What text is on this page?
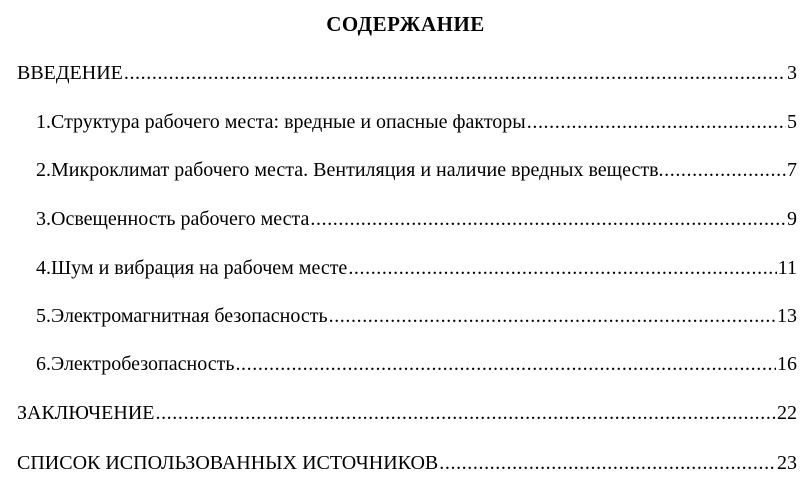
СОДЕРЖАНИЕ
ВВЕДЕНИЕ .....	3
1. Структура рабочего места: вредные и опасные факторы .....	5
2. Микроклимат рабочего места. Вентиляция и наличие вредных веществ .....	7
3. Освещенность рабочего места .....	9
4. Шум и вибрация на рабочем месте .....	11
5. Электромагнитная безопасность .....	13
6. Электробезопасность .....	16
ЗАКЛЮЧЕНИЕ .....	22
СПИСОК ИСПОЛЬЗОВАННЫХ ИСТОЧНИКОВ .....	23
